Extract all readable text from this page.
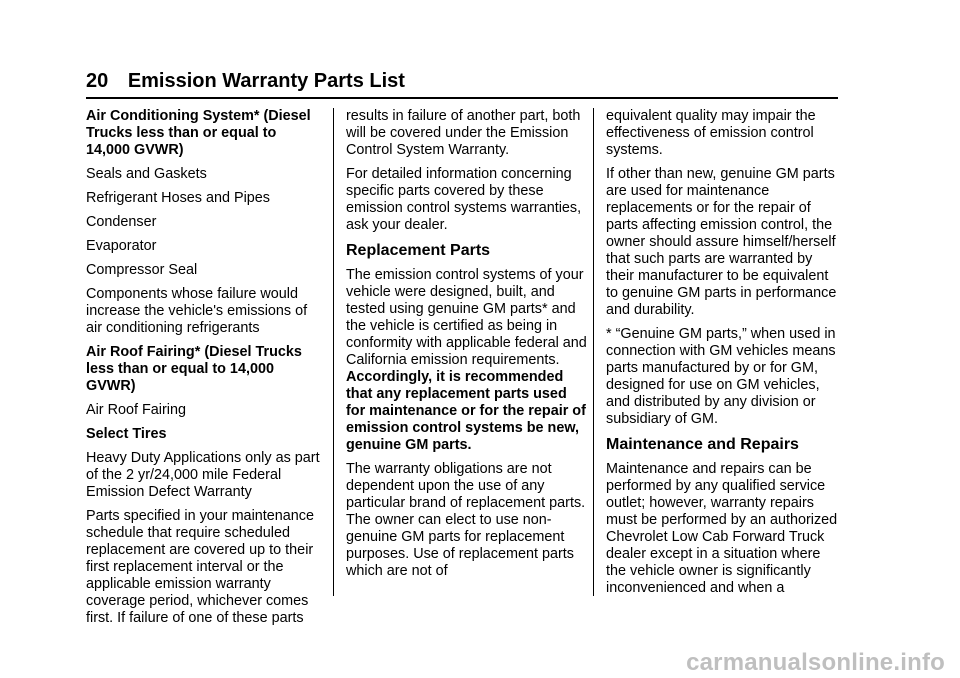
20 Emission Warranty Parts List

Air Conditioning System* (Diesel Trucks less than or equal to 14,000 GVWR)

Seals and Gaskets

Refrigerant Hoses and Pipes

Condenser

Evaporator

Compressor Seal

Components whose failure would increase the vehicle's emissions of air conditioning refrigerants

Air Roof Fairing* (Diesel Trucks less than or equal to 14,000 GVWR)

Air Roof Fairing

Select Tires

Heavy Duty Applications only as part of the 2 yr/24,000 mile Federal Emission Defect Warranty

Parts specified in your maintenance schedule that require scheduled replacement are covered up to their first replacement interval or the applicable emission warranty coverage period, whichever comes first. If failure of one of these parts

results in failure of another part, both will be covered under the Emission Control System Warranty.

For detailed information concerning specific parts covered by these emission control systems warranties, ask your dealer.

Replacement Parts

The emission control systems of your vehicle were designed, built, and tested using genuine GM parts* and the vehicle is certified as being in conformity with applicable federal and California emission requirements. Accordingly, it is recommended that any replacement parts used for maintenance or for the repair of emission control systems be new, genuine GM parts.

The warranty obligations are not dependent upon the use of any particular brand of replacement parts. The owner can elect to use non-genuine GM parts for replacement purposes. Use of replacement parts which are not of

equivalent quality may impair the effectiveness of emission control systems.

If other than new, genuine GM parts are used for maintenance replacements or for the repair of parts affecting emission control, the owner should assure himself/herself that such parts are warranted by their manufacturer to be equivalent to genuine GM parts in performance and durability.

* “Genuine GM parts,” when used in connection with GM vehicles means parts manufactured by or for GM, designed for use on GM vehicles, and distributed by any division or subsidiary of GM.

Maintenance and Repairs

Maintenance and repairs can be performed by any qualified service outlet; however, warranty repairs must be performed by an authorized Chevrolet Low Cab Forward Truck dealer except in a situation where the vehicle owner is significantly inconvenienced and when a

carmanualsonline.info
